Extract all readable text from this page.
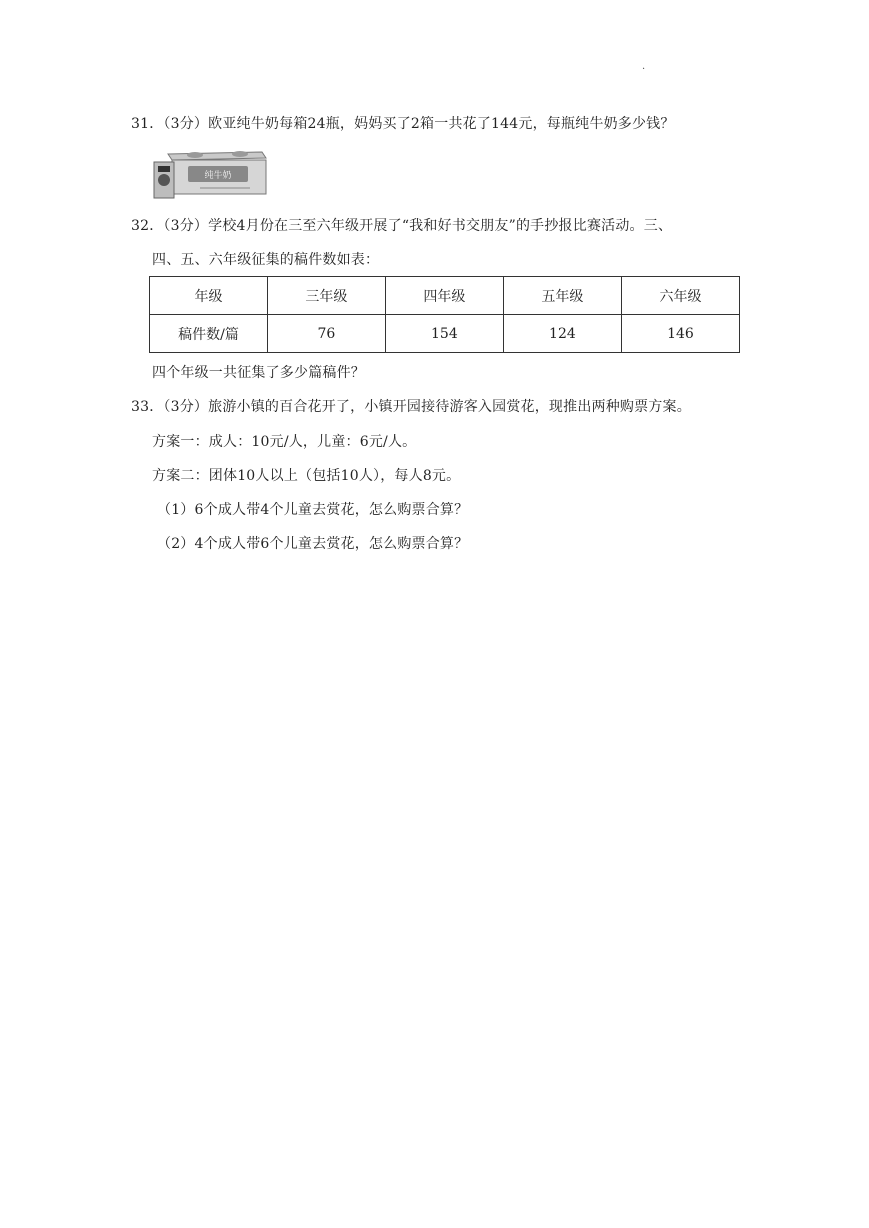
·
31．（3分）欧亚纯牛奶每箱24瓶，妈妈买了2箱一共花了144元，每瓶纯牛奶多少钱？
纯牛奶
32．（3分）学校4月份在三至六年级开展了“我和好书交朋友”的手抄报比赛活动。三、
四、五、六年级征集的稿件数如表：
年级	三年级	四年级	五年级	六年级
稿件数/篇	76	154	124	146
四个年级一共征集了多少篇稿件？
33．（3分）旅游小镇的百合花开了，小镇开园接待游客入园赏花，现推出两种购票方案。
方案一：成人：10元/人，儿童：6元/人。
方案二：团体10人以上（包括10人），每人8元。
（1）6个成人带4个儿童去赏花，怎么购票合算？
（2）4个成人带6个儿童去赏花，怎么购票合算？
